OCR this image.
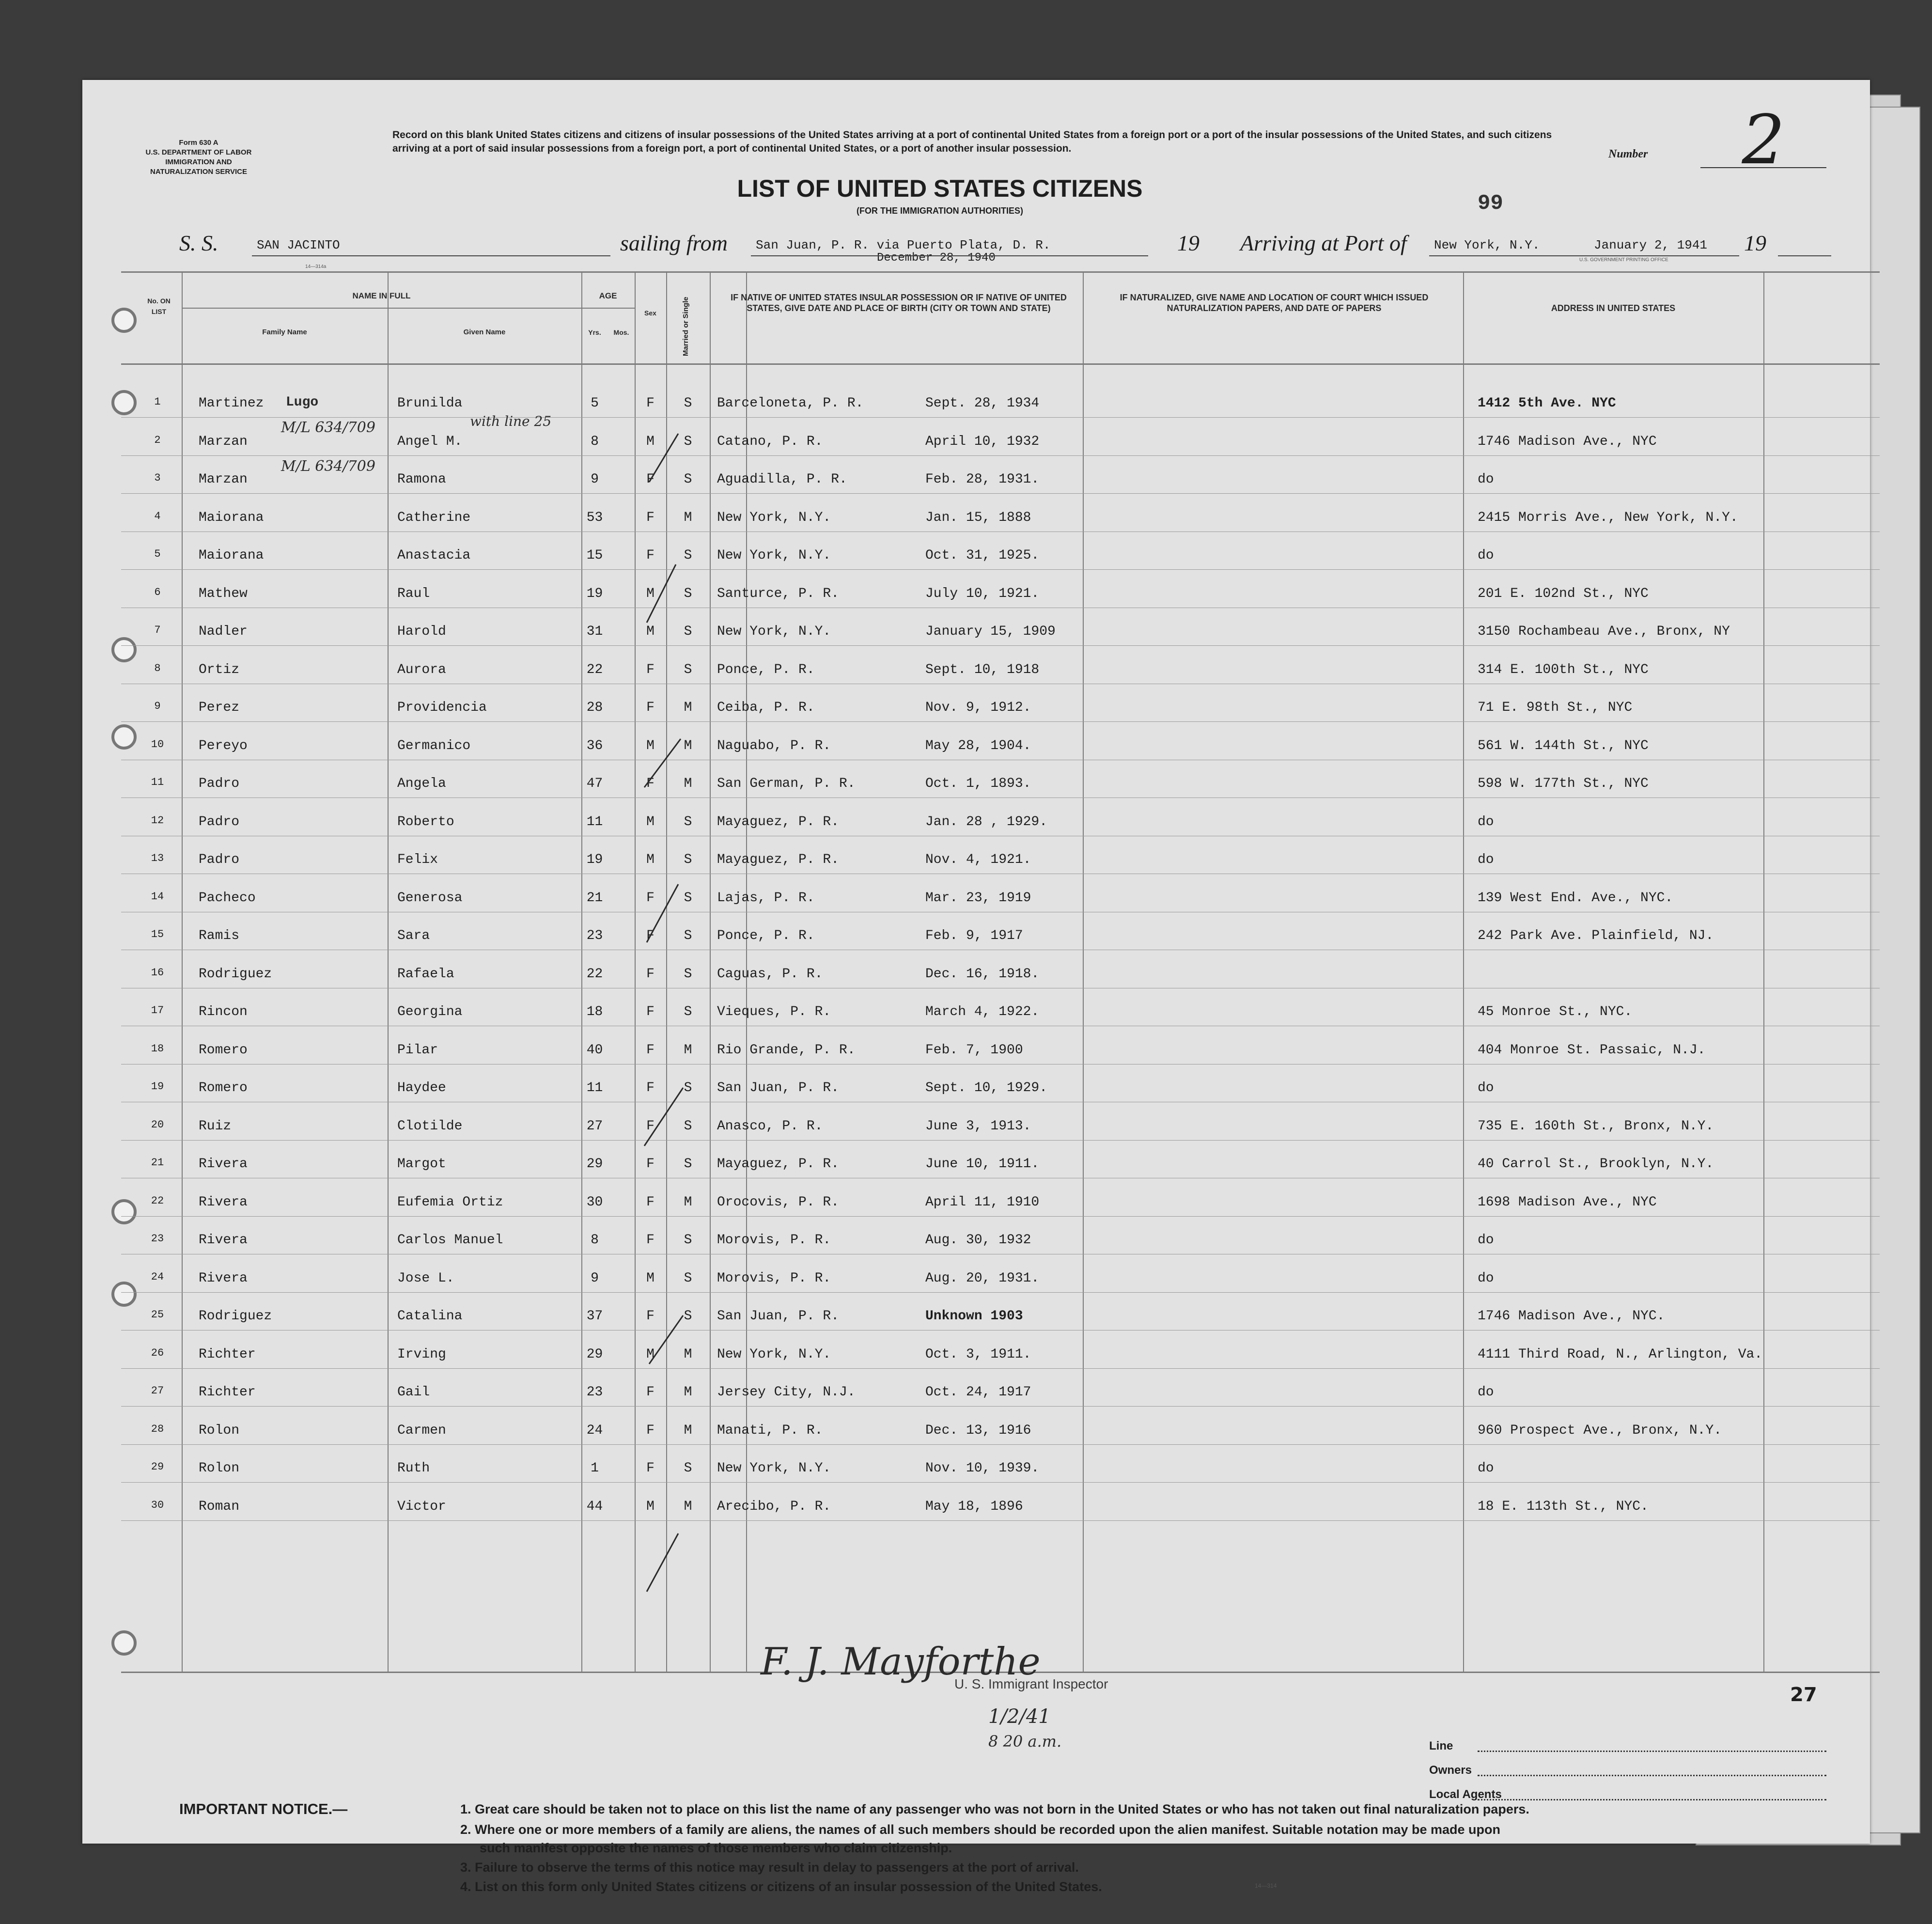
Form 630 A
U.S. DEPARTMENT OF LABOR
IMMIGRATION AND
NATURALIZATION SERVICE
Record on this blank United States citizens and citizens of insular possessions of the United States arriving at a port of continental United States from a foreign port or a port of the insular possessions of the United States, and such citizens arriving at a port of said insular possessions from a foreign port, a port of continental United States, or a port of another insular possession.	Number	2
LIST OF UNITED STATES CITIZENS
(FOR THE IMMIGRATION AUTHORITIES)	99
S. S.	SAN JACINTO	sailing from San Juan, P. R. via Puerto Plata, D. R.
December 28, 1940
19 Arriving at Port of New York, N.Y.	January 2, 1941 19
14—314a
U.S. GOVERNMENT PRINTING OFFICE
No. ON LIST
NAME IN FULL
Family Name	Given Name
AGE
Yrs.	Mos.
Sex	Married or Single	IF NATIVE OF UNITED STATES INSULAR POSSESSION OR IF NATIVE OF UNITED STATES, GIVE DATE AND PLACE OF BIRTH (CITY OR TOWN AND STATE)
IF NATURALIZED, GIVE NAME AND LOCATION OF COURT WHICH ISSUED NATURALIZATION PAPERS, AND DATE OF PAPERS	ADDRESS IN UNITED STATES
1	Martinez	Brunilda	5	F	S	Barceloneta, P. R.	Sept. 28, 1934	1412 5th Ave. NYC
2	Marzan	Angel M.	8	M	S	Catano, P. R.	April 10, 1932	1746 Madison Ave., NYC
3	Marzan	Ramona	9	F	S	Aguadilla, P. R.	Feb. 28, 1931.	do
4	Maiorana	Catherine	53	F	M	New York, N.Y.	Jan. 15, 1888	2415 Morris Ave., New York, N.Y.
5	Maiorana	Anastacia	15	F	S	New York, N.Y.	Oct. 31, 1925.	do
6	Mathew	Raul	19	M	S	Santurce, P. R.	July 10, 1921.	201 E. 102nd St., NYC
7	Nadler	Harold	31	M	S	New York, N.Y.	January 15, 1909	3150 Rochambeau Ave., Bronx, NY
8	Ortiz	Aurora	22	F	S	Ponce, P. R.	Sept. 10, 1918	314 E. 100th St., NYC
9	Perez	Providencia	28	F	M	Ceiba, P. R.	Nov. 9, 1912.	71 E. 98th St., NYC
10	Pereyo	Germanico	36	M	M	Naguabo, P. R.	May 28, 1904.	561 W. 144th St., NYC
11	Padro	Angela	47	F	M	San German, P. R.	Oct. 1, 1893.	598 W. 177th St., NYC
12	Padro	Roberto	11	M	S	Mayaguez, P. R.	Jan. 28 , 1929.	do
13	Padro	Felix	19	M	S	Mayaguez, P. R.	Nov. 4, 1921.	do
14	Pacheco	Generosa	21	F	S	Lajas, P. R.	Mar. 23, 1919	139 West End. Ave., NYC.
15	Ramis	Sara	23	F	S	Ponce, P. R.	Feb. 9, 1917	242 Park Ave. Plainfield, NJ.
16	Rodriguez	Rafaela	22	F	S	Caguas, P. R.	Dec. 16, 1918.
17	Rincon	Georgina	18	F	S	Vieques, P. R.	March 4, 1922.	45 Monroe St., NYC.
18	Romero	Pilar	40	F	M	Rio Grande, P. R.	Feb. 7, 1900	404 Monroe St. Passaic, N.J.
19	Romero	Haydee	11	F	S	San Juan, P. R.	Sept. 10, 1929.	do
20	Ruiz	Clotilde	27	F	S	Anasco, P. R.	June 3, 1913.	735 E. 160th St., Bronx, N.Y.
21	Rivera	Margot	29	F	S	Mayaguez, P. R.	June 10, 1911.	40 Carrol St., Brooklyn, N.Y.
22	Rivera	Eufemia Ortiz	30	F	M	Orocovis, P. R.	April 11, 1910	1698 Madison Ave., NYC
23	Rivera	Carlos Manuel	8	F	S	Morovis, P. R.	Aug. 30, 1932	do
24	Rivera	Jose L.	9	M	S	Morovis, P. R.	Aug. 20, 1931.	do
25	Rodriguez	Catalina	37	F	S	San Juan, P. R.	Unknown 1903	1746 Madison Ave., NYC.
26	Richter	Irving	29	M	M	New York, N.Y.	Oct. 3, 1911.	4111 Third Road, N., Arlington, Va.
27	Richter	Gail	23	F	M	Jersey City, N.J.	Oct. 24, 1917	do
28	Rolon	Carmen	24	F	M	Manati, P. R.	Dec. 13, 1916	960 Prospect Ave., Bronx, N.Y.
29	Rolon	Ruth	1	F	S	New York, N.Y.	Nov. 10, 1939.	do
30	Roman	Victor	44	M	M	Arecibo, P. R.	May 18, 1896	18 E. 113th St., NYC.
Lugo
M/L 634/709
M/L 634/709
with line 25
F. J. Mayforthe
U. S. Immigrant Inspector	27
1/2/41
8 20 a.m.	Line
Owners
Local Agents
IMPORTANT NOTICE.—	1. Great care should be taken not to place on this list the name of any passenger who was not born in the United States or who has not taken out final naturalization papers.
2. Where one or more members of a family are aliens, the names of all such members should be recorded upon the alien manifest. Suitable notation may be made upon
such manifest opposite the names of those members who claim citizenship.
3. Failure to observe the terms of this notice may result in delay to passengers at the port of arrival.
4. List on this form only United States citizens or citizens of an insular possession of the United States.	14—314
